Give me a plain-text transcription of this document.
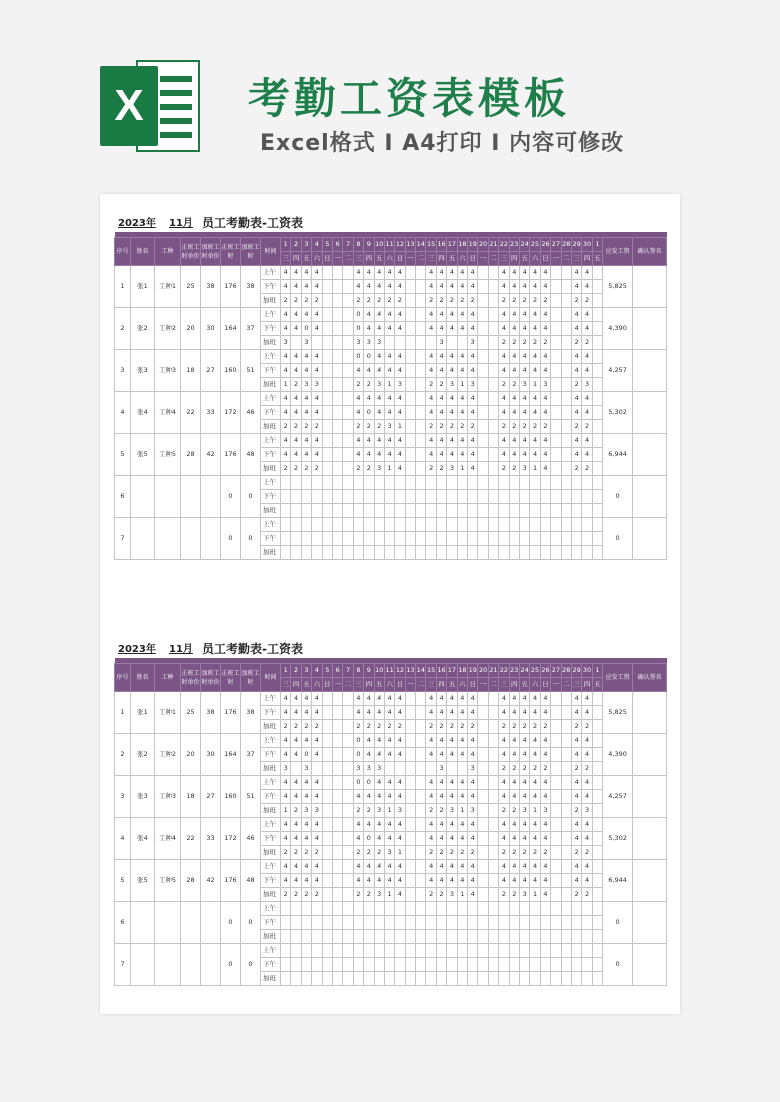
X	考勤工资表模板
Excel格式 I A4打印 I 内容可修改
2023年 11月 员工考勤表-工资表

序号	姓名	工种	正班工时单价	加班工时单价	正班工时	加班工时	时间	1	2	3	4	5	6	7	8	9	10	11	12	13	14	15	16	17	18	19	20	21	22	23	24	25	26	27	28	29	30	1	应发工资	确认签名
								三	四	五	六	日	一	二	三	四	五	六	日	一	二	三	四	五	六	日	一	二	三	四	五	六	日	一	二	三	四	五		
1	张1	工种1	25	38	176	38	上午	4	4	4	4				4	4	4	4	4			4	4	4	4	4			4	4	4	4	4			4	4		5,825	
							下午	4	4	4	4				4	4	4	4	4			4	4	4	4	4			4	4	4	4	4			4	4			
							加班	2	2	2	2				2	2	2	2	2			2	2	2	2	2			2	2	2	2	2			2	2			
2	张2	工种2	20	30	164	37	上午	4	4	4	4				0	4	4	4	4			4	4	4	4	4			4	4	4	4	4			4	4		4,390	
							下午	4	4	0	4				0	4	4	4	4			4	4	4	4	4			4	4	4	4	4			4	4			
							加班	3		3					3	3	3						3			3			2	2	2	2	2			2	2			
3	张3	工种3	18	27	160	51	上午	4	4	4	4				0	0	4	4	4			4	4	4	4	4			4	4	4	4	4			4	4		4,257	
							下午	4	4	4	4				4	4	4	4	4			4	4	4	4	4			4	4	4	4	4			4	4			
							加班	1	2	3	3				2	2	3	1	3			2	2	3	1	3			2	2	3	1	3			2	3			
4	张4	工种4	22	33	172	46	上午	4	4	4	4				4	4	4	4	4			4	4	4	4	4			4	4	4	4	4			4	4		5,302	
							下午	4	4	4	4				4	0	4	4	4			4	4	4	4	4			4	4	4	4	4			4	4			
							加班	2	2	2	2				2	2	2	3	1			2	2	2	2	2			2	2	2	2	2			2	2			
5	张5	工种5	28	42	176	48	上午	4	4	4	4				4	4	4	4	4			4	4	4	4	4			4	4	4	4	4			4	4		6,944	
							下午	4	4	4	4				4	4	4	4	4			4	4	4	4	4			4	4	4	4	4			4	4			
							加班	2	2	2	2				2	2	3	1	4			2	2	3	1	4			2	2	3	1	4			2	2			
6					0	0	上午																																0	
							下午																																	
							加班																																	
7					0	0	上午																																0	
							下午																																	
							加班																																	
2023年 11月 员工考勤表-工资表

序号	姓名	工种	正班工时单价	加班工时单价	正班工时	加班工时	时间	1	2	3	4	5	6	7	8	9	10	11	12	13	14	15	16	17	18	19	20	21	22	23	24	25	26	27	28	29	30	1	应发工资	确认签名
								三	四	五	六	日	一	二	三	四	五	六	日	一	二	三	四	五	六	日	一	二	三	四	五	六	日	一	二	三	四	五		
1	张1	工种1	25	38	176	38	上午	4	4	4	4				4	4	4	4	4			4	4	4	4	4			4	4	4	4	4			4	4		5,825	
							下午	4	4	4	4				4	4	4	4	4			4	4	4	4	4			4	4	4	4	4			4	4			
							加班	2	2	2	2				2	2	2	2	2			2	2	2	2	2			2	2	2	2	2			2	2			
2	张2	工种2	20	30	164	37	上午	4	4	4	4				0	4	4	4	4			4	4	4	4	4			4	4	4	4	4			4	4		4,390	
							下午	4	4	0	4				0	4	4	4	4			4	4	4	4	4			4	4	4	4	4			4	4			
							加班	3		3					3	3	3						3			3			2	2	2	2	2			2	2			
3	张3	工种3	18	27	160	51	上午	4	4	4	4				0	0	4	4	4			4	4	4	4	4			4	4	4	4	4			4	4		4,257	
							下午	4	4	4	4				4	4	4	4	4			4	4	4	4	4			4	4	4	4	4			4	4			
							加班	1	2	3	3				2	2	3	1	3			2	2	3	1	3			2	2	3	1	3			2	3			
4	张4	工种4	22	33	172	46	上午	4	4	4	4				4	4	4	4	4			4	4	4	4	4			4	4	4	4	4			4	4		5,302	
							下午	4	4	4	4				4	0	4	4	4			4	4	4	4	4			4	4	4	4	4			4	4			
							加班	2	2	2	2				2	2	2	3	1			2	2	2	2	2			2	2	2	2	2			2	2			
5	张5	工种5	28	42	176	48	上午	4	4	4	4				4	4	4	4	4			4	4	4	4	4			4	4	4	4	4			4	4		6,944	
							下午	4	4	4	4				4	4	4	4	4			4	4	4	4	4			4	4	4	4	4			4	4			
							加班	2	2	2	2				2	2	3	1	4			2	2	3	1	4			2	2	3	1	4			2	2			
6					0	0	上午																																0	
							下午																																	
							加班																																	
7					0	0	上午																																0	
							下午																																	
							加班																																	
